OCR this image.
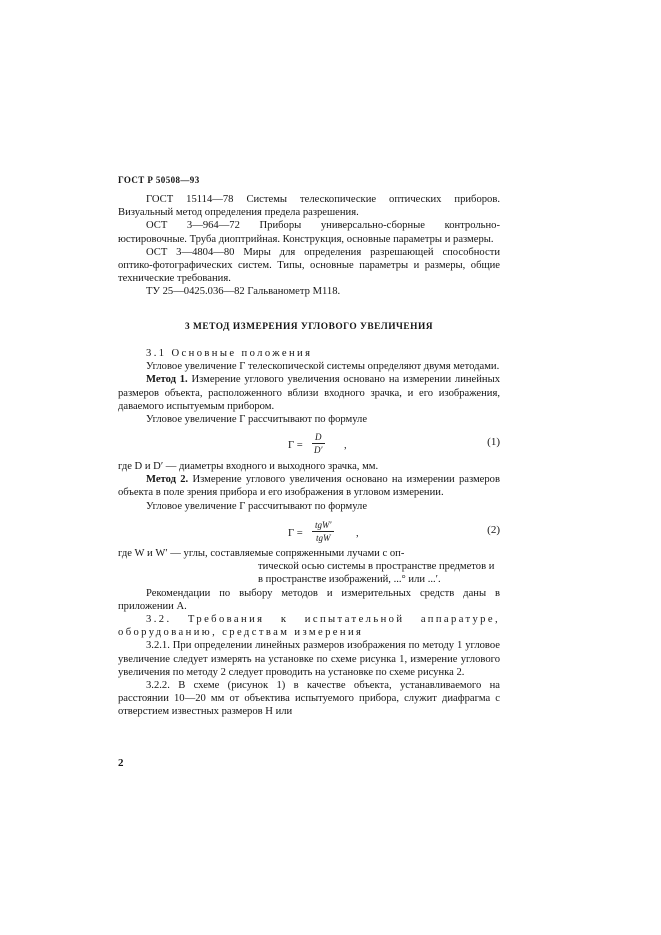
ГОСТ Р 50508—93

ГОСТ 15114—78 Системы телескопические оптических приборов. Визуальный метод определения предела разрешения.

ОСТ 3—964—72 Приборы универсально-сборные контрольно-юстировочные. Труба диоптрийная. Конструкция, основные параметры и размеры.

ОСТ 3—4804—80 Миры для определения разрешающей способности оптико-фотографических систем. Типы, основные параметры и размеры, общие технические требования.

ТУ 25—0425.036—82 Гальванометр М118.

3 МЕТОД ИЗМЕРЕНИЯ УГЛОВОГО УВЕЛИЧЕНИЯ

3.1 Основные положения

Угловое увеличение Г телескопической системы определяют двумя методами.

Метод 1. Измерение углового увеличения основано на измерении линейных размеров объекта, расположенного вблизи входного зрачка, и его изображения, даваемого испытуемым прибором.

Угловое увеличение Г рассчитывают по формуле

$Г = \frac{D}{D'}$ ,	(1)

где D и D′ — диаметры входного и выходного зрачка, мм.

Метод 2. Измерение углового увеличения основано на измерении размеров объекта в поле зрения прибора и его изображения в угловом измерении.

Угловое увеличение Г рассчитывают по формуле

Г =
tgW′
tgW	,	(2)

где W и W′ — углы, составляемые сопряженными лучами с оп-

тической осью системы в пространстве предметов и

в пространстве изображений, ...° или ...′.

Рекомендации по выбору методов и измерительных средств даны в приложении А.

3.2. Требования к испытательной аппаратуре, оборудованию, средствам измерения

3.2.1. При определении линейных размеров изображения по методу 1 угловое увеличение следует измерять на установке по схеме рисунка 1, измерение углового увеличения по методу 2 следует проводить на установке по схеме рисунка 2.

3.2.2. В схеме (рисунок 1) в качестве объекта, устанавливаемого на расстоянии 10—20 мм от объектива испытуемого прибора, служит диафрагма с отверстием известных размеров H или

2
